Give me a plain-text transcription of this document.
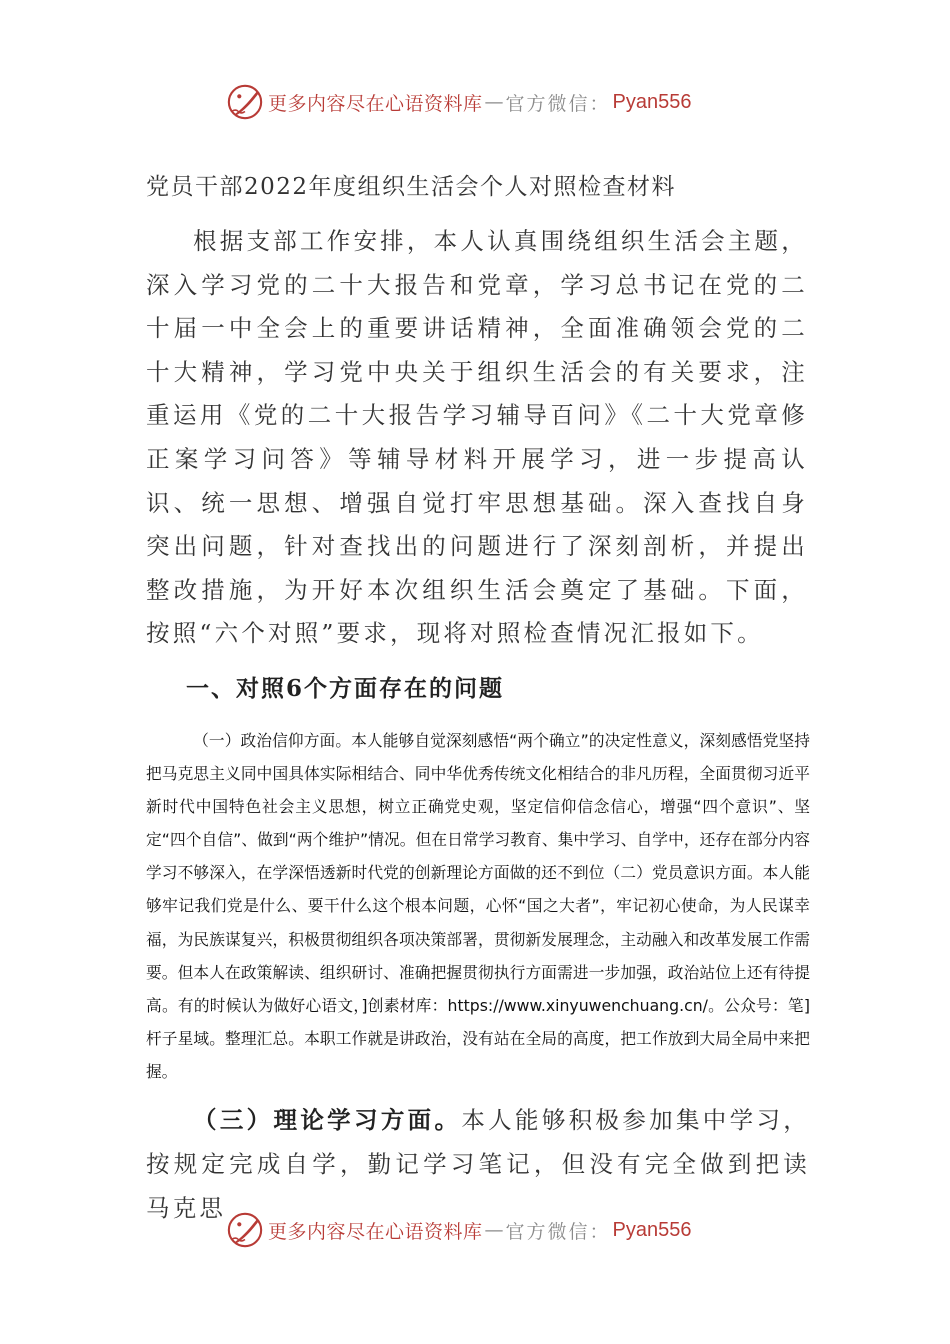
更多内容尽在心语资料库 — 官方微信： Pyan556
党员干部2022年度组织生活会个人对照检查材料

根据支部工作安排，本人认真围绕组织生活会主题，深入学习党的二十大报告和党章，学习总书记在党的二十届一中全会上的重要讲话精神，全面准确领会党的二十大精神，学习党中央关于组织生活会的有关要求，注重运用《党的二十大报告学习辅导百问》《二十大党章修正案学习问答》等辅导材料开展学习，进一步提高认识、统一思想、增强自觉打牢思想基础。深入查找自身突出问题，针对查找出的问题进行了深刻剖析，并提出整改措施，为开好本次组织生活会奠定了基础。下面，按照“六个对照”要求，现将对照检查情况汇报如下。

一、对照6个方面存在的问题

（一）政治信仰方面。本人能够自觉深刻感悟“两个确立”的决定性意义，深刻感悟党坚持把马克思主义同中国具体实际相结合、同中华优秀传统文化相结合的非凡历程，全面贯彻习近平新时代中国特色社会主义思想，树立正确党史观，坚定信仰信念信心，增强“四个意识”、坚定“四个自信”、做到“两个维护”情况。但在日常学习教育、集中学习、自学中，还存在部分内容学习不够深入，在学深悟透新时代党的创新理论方面做的还不到位（二）党员意识方面。本人能够牢记我们党是什么、要干什么这个根本问题，心怀“国之大者”，牢记初心使命，为人民谋幸福，为民族谋复兴，积极贯彻组织各项决策部署，贯彻新发展理念，主动融入和改革发展工作需要。但本人在政策解读、组织研讨、准确把握贯彻执行方面需进一步加强，政治站位上还有待提高。有的时候认为做好心语文，]创素材库：https://www.xinyuwenchuang.cn/。公众号：笔]杆子星域。整理汇总。本职工作就是讲政治，没有站在全局的高度，把工作放到大局全局中来把握。

（三）理论学习方面。本人能够积极参加集中学习，按规定完成自学，勤记学习笔记，但没有完全做到把读马克思

更多内容尽在心语资料库 — 官方微信： Pyan556
